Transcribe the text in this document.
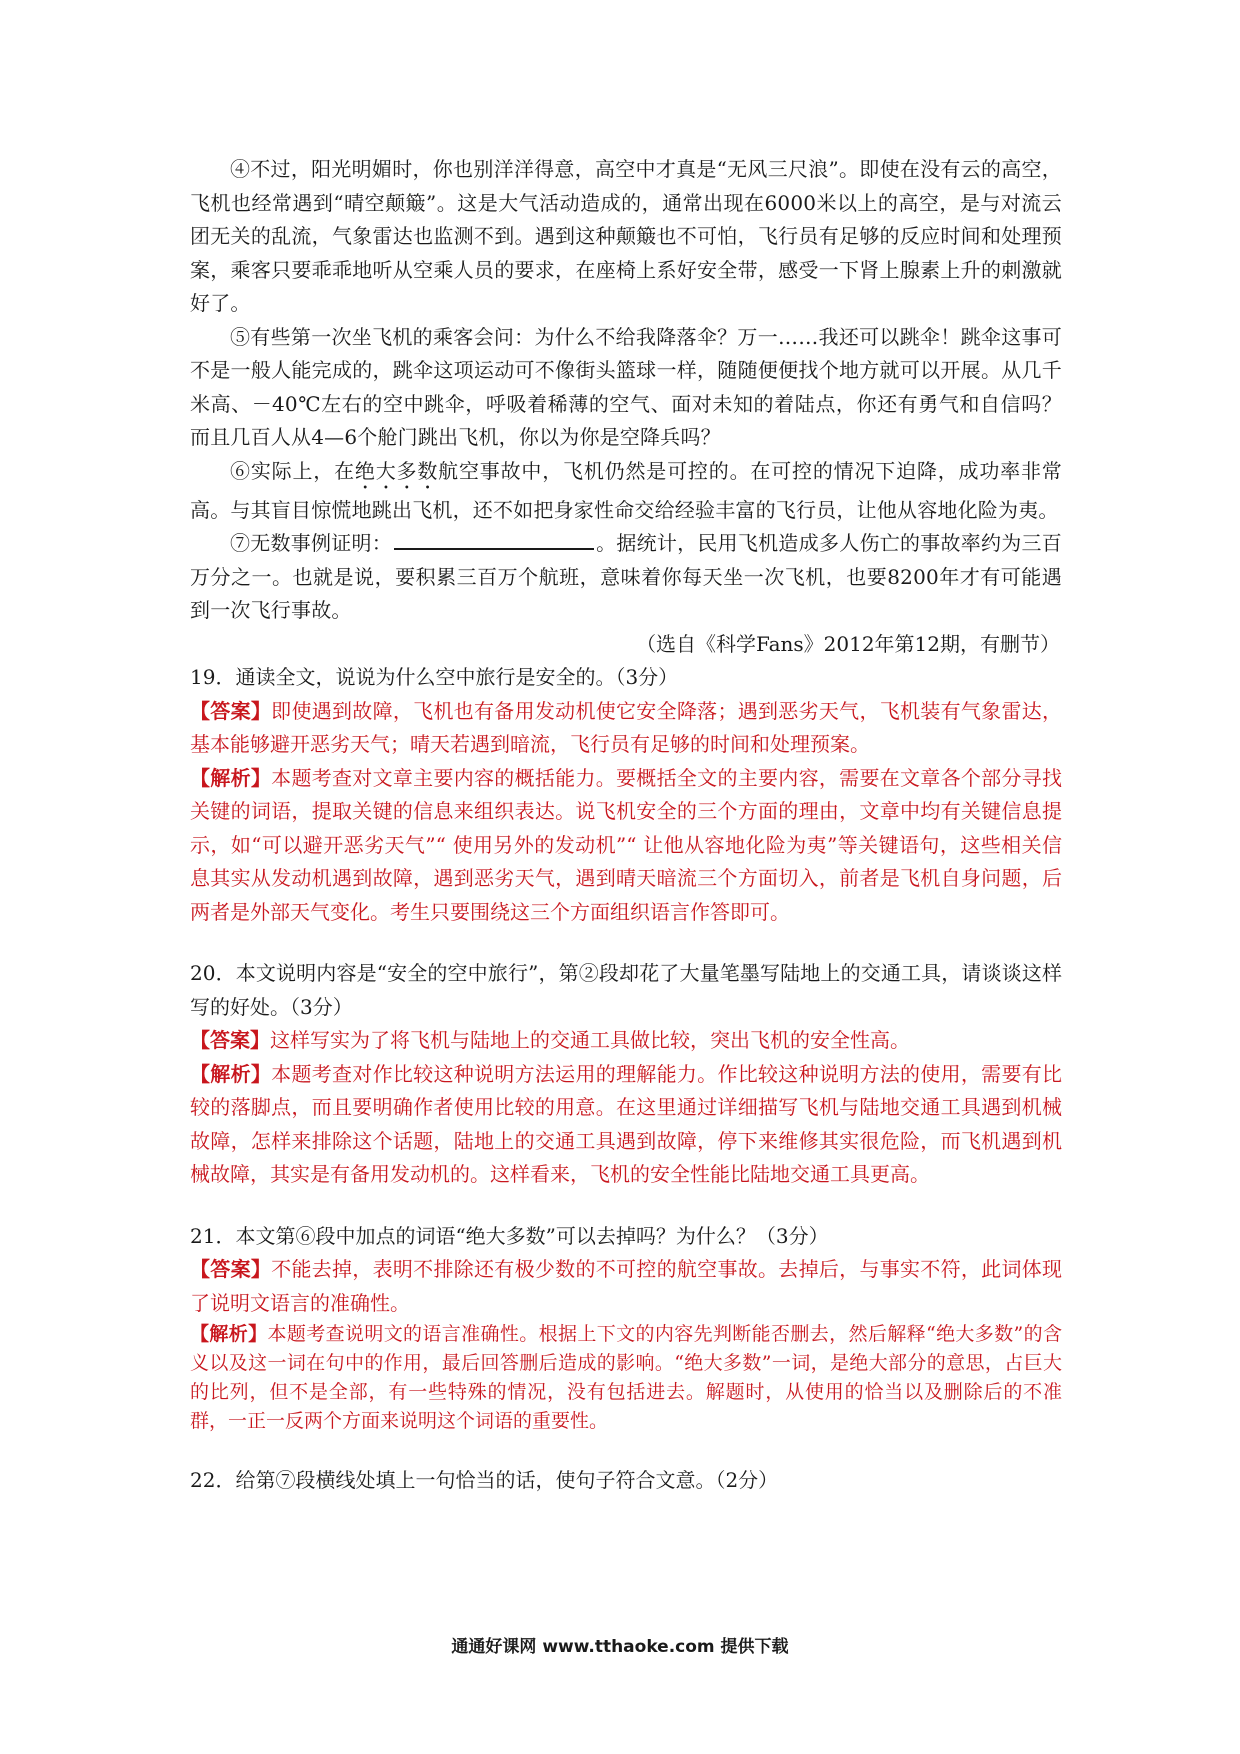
④不过，阳光明媚时，你也别洋洋得意，高空中才真是“无风三尺浪”。即使在没有云的高空，飞机也经常遇到“晴空颠簸”。这是大气活动造成的，通常出现在6000米以上的高空，是与对流云团无关的乱流，气象雷达也监测不到。遇到这种颠簸也不可怕，飞行员有足够的反应时间和处理预案，乘客只要乖乖地听从空乘人员的要求，在座椅上系好安全带，感受一下肾上腺素上升的刺激就好了。

⑤有些第一次坐飞机的乘客会问：为什么不给我降落伞？万一……我还可以跳伞！跳伞这事可不是一般人能完成的，跳伞这项运动可不像街头篮球一样，随随便便找个地方就可以开展。从几千米高、－40℃左右的空中跳伞，呼吸着稀薄的空气、面对未知的着陆点，你还有勇气和自信吗？而且几百人从4—6个舱门跳出飞机，你以为你是空降兵吗？

⑥实际上，在绝大多数航空事故中，飞机仍然是可控的。在可控的情况下迫降，成功率非常高。与其盲目惊慌地跳出飞机，还不如把身家性命交给经验丰富的飞行员，让他从容地化险为夷。

⑦无数事例证明：	。据统计，民用飞机造成多人伤亡的事故率约为三百万分之一。也就是说，要积累三百万个航班，意味着你每天坐一次飞机，也要8200年才有可能遇到一次飞行事故。

（选自《科学Fans》2012年第12期，有删节）

19．通读全文，说说为什么空中旅行是安全的。（3分）

【答案】即使遇到故障，飞机也有备用发动机使它安全降落；遇到恶劣天气，飞机装有气象雷达，基本能够避开恶劣天气；晴天若遇到暗流，飞行员有足够的时间和处理预案。

【解析】本题考查对文章主要内容的概括能力。要概括全文的主要内容，需要在文章各个部分寻找关键的词语，提取关键的信息来组织表达。说飞机安全的三个方面的理由，文章中均有关键信息提示，如“可以避开恶劣天气”“ 使用另外的发动机”“ 让他从容地化险为夷”等关键语句，这些相关信息其实从发动机遇到故障，遇到恶劣天气，遇到晴天暗流三个方面切入，前者是飞机自身问题，后两者是外部天气变化。考生只要围绕这三个方面组织语言作答即可。

20．本文说明内容是“安全的空中旅行”，第②段却花了大量笔墨写陆地上的交通工具，请谈谈这样写的好处。（3分）

【答案】这样写实为了将飞机与陆地上的交通工具做比较，突出飞机的安全性高。

【解析】本题考查对作比较这种说明方法运用的理解能力。作比较这种说明方法的使用，需要有比较的落脚点，而且要明确作者使用比较的用意。在这里通过详细描写飞机与陆地交通工具遇到机械故障，怎样来排除这个话题，陆地上的交通工具遇到故障，停下来维修其实很危险，而飞机遇到机械故障，其实是有备用发动机的。这样看来，飞机的安全性能比陆地交通工具更高。

21．本文第⑥段中加点的词语“绝大多数”可以去掉吗？为什么？（3分）

【答案】不能去掉，表明不排除还有极少数的不可控的航空事故。去掉后，与事实不符，此词体现了说明文语言的准确性。

【解析】本题考查说明文的语言准确性。根据上下文的内容先判断能否删去，然后解释“绝大多数”的含义以及这一词在句中的作用，最后回答删后造成的影响。“绝大多数”一词，是绝大部分的意思，占巨大的比列，但不是全部，有一些特殊的情况，没有包括进去。解题时，从使用的恰当以及删除后的不准群，一正一反两个方面来说明这个词语的重要性。

22．给第⑦段横线处填上一句恰当的话，使句子符合文意。（2分）

通通好课网 www.tthaoke.com 提供下载
